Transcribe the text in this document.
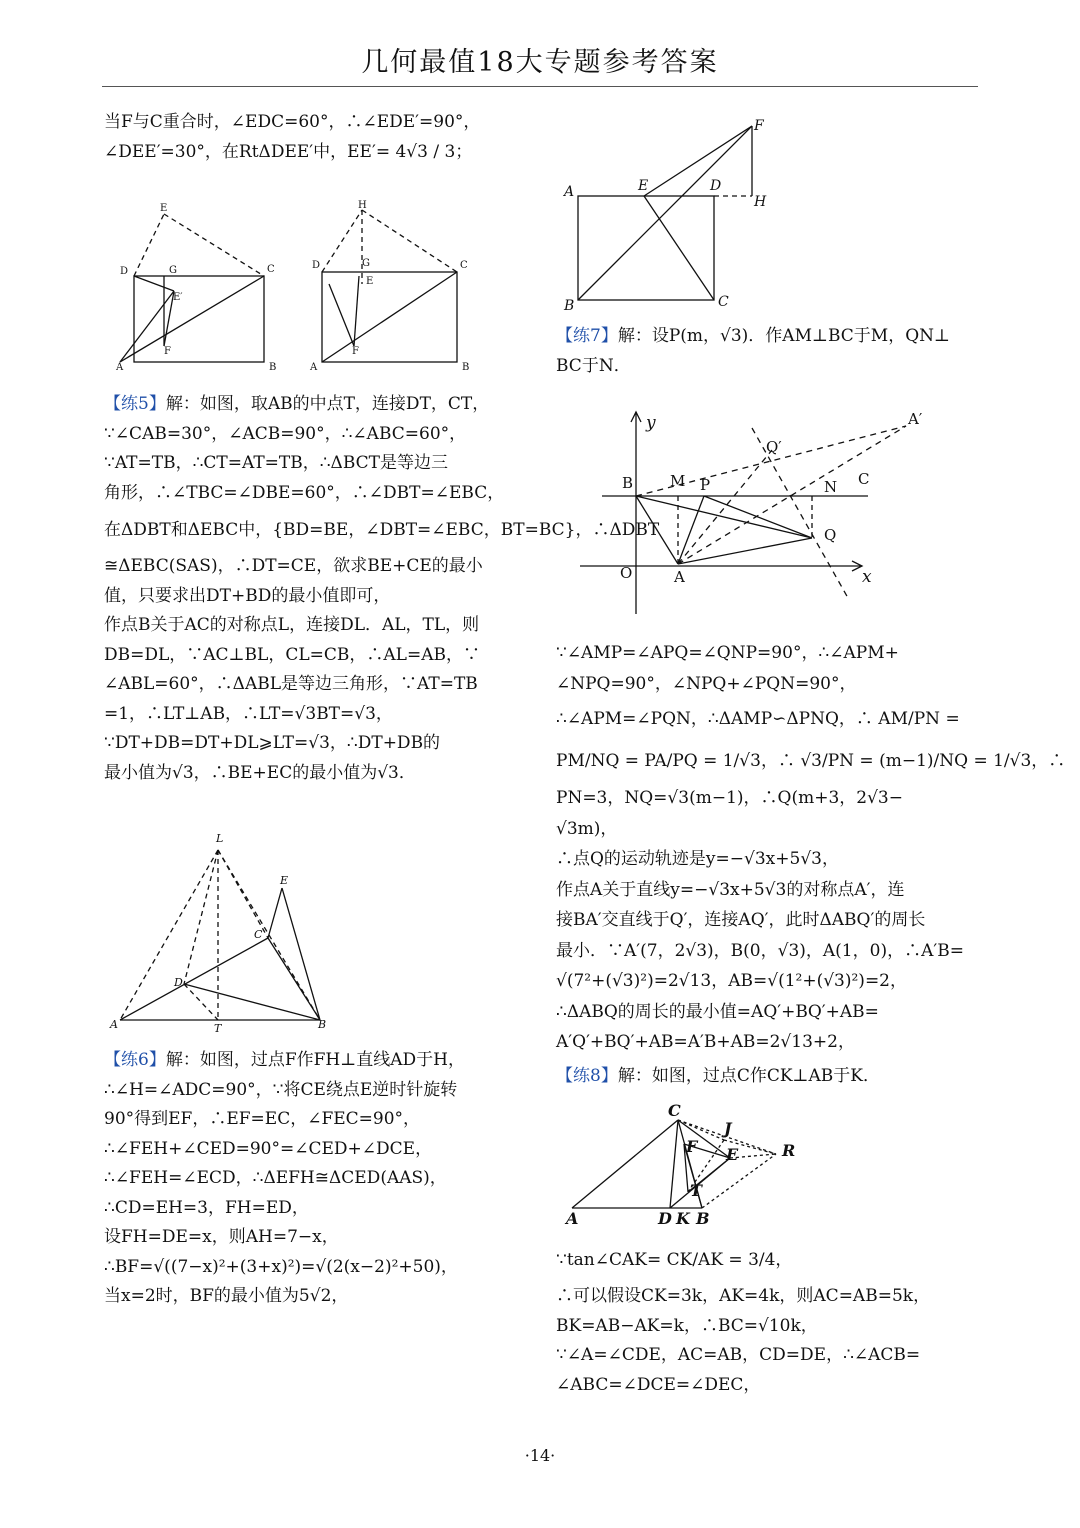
几何最值18大专题参考答案
当F与C重合时，∠EDC=60°，∴∠EDE′=90°，
∠DEE′=30°，在RtΔDEE′中，EE′= 4√3 / 3；
E
D	G	C
E′
F
A	B
H
D	G	C
E
F
A	B
【练5】解：如图，取AB的中点T，连接DT，CT，
∵∠CAB=30°，∠ACB=90°，∴∠ABC=60°，
∵AT=TB，∴CT=AT=TB，∴ΔBCT是等边三
角形，∴∠TBC=∠DBE=60°，∴∠DBT=∠EBC，
在ΔDBT和ΔEBC中，{BD=BE，∠DBT=∠EBC，BT=BC}，∴ΔDBT
≅ΔEBC(SAS)，∴DT=CE，欲求BE+CE的最小
值，只要求出DT+BD的最小值即可，
作点B关于AC的对称点L，连接DL．AL，TL，则
DB=DL，∵AC⊥BL，CL=CB，∴AL=AB，∵
∠ABL=60°，∴ΔABL是等边三角形，∵AT=TB
=1，∴LT⊥AB，∴LT=√3BT=√3，
∵DT+DB=DT+DL⩾LT=√3，∴DT+DB的
最小值为√3，∴BE+EC的最小值为√3．
L
E
C
D
A	T	B
【练6】解：如图，过点F作FH⊥直线AD于H，
∴∠H=∠ADC=90°，∵将CE绕点E逆时针旋转
90°得到EF，∴EF=EC，∠FEC=90°，
∴∠FEH+∠CED=90°=∠CED+∠DCE，
∴∠FEH=∠ECD，∴ΔEFH≅ΔCED(AAS)，
∴CD=EH=3，FH=ED，
设FH=DE=x，则AH=7−x，
∴BF=√((7−x)²+(3+x)²)=√(2(x−2)²+50)，
当x=2时，BF的最小值为5√2，
F
A	E	D
H
B	C
【练7】解：设P(m，√3)．作AM⊥BC于M，QN⊥
BC于N．
y	A′
Q′
B M P	N C
Q
O	A	x
∵∠AMP=∠APQ=∠QNP=90°，∴∠APM+
∠NPQ=90°，∠NPQ+∠PQN=90°，
∴∠APM=∠PQN，∴ΔAMP∽ΔPNQ，∴ AM/PN =
PM/NQ = PA/PQ = 1/√3，∴ √3/PN = (m−1)/NQ = 1/√3，∴
PN=3，NQ=√3(m−1)，∴Q(m+3，2√3−
√3m)，
∴点Q的运动轨迹是y=−√3x+5√3，
作点A关于直线y=−√3x+5√3的对称点A′，连
接BA′交直线于Q′，连接AQ′，此时ΔABQ′的周长
最小．∵A′(7，2√3)，B(0，√3)，A(1，0)，∴A′B=
√(7²+(√3)²)=2√13，AB=√(1²+(√3)²)=2，
∴ΔABQ的周长的最小值=AQ′+BQ′+AB=
A′Q′+BQ′+AB=A′B+AB=2√13+2，
【练8】解：如图，过点C作CK⊥AB于K．
C
J
F E	R
T
A	D K B
∵tan∠CAK= CK/AK = 3/4，
∴可以假设CK=3k，AK=4k，则AC=AB=5k，
BK=AB−AK=k，∴BC=√10k，
∵∠A=∠CDE，AC=AB，CD=DE，∴∠ACB=
∠ABC=∠DCE=∠DEC，
·14·
